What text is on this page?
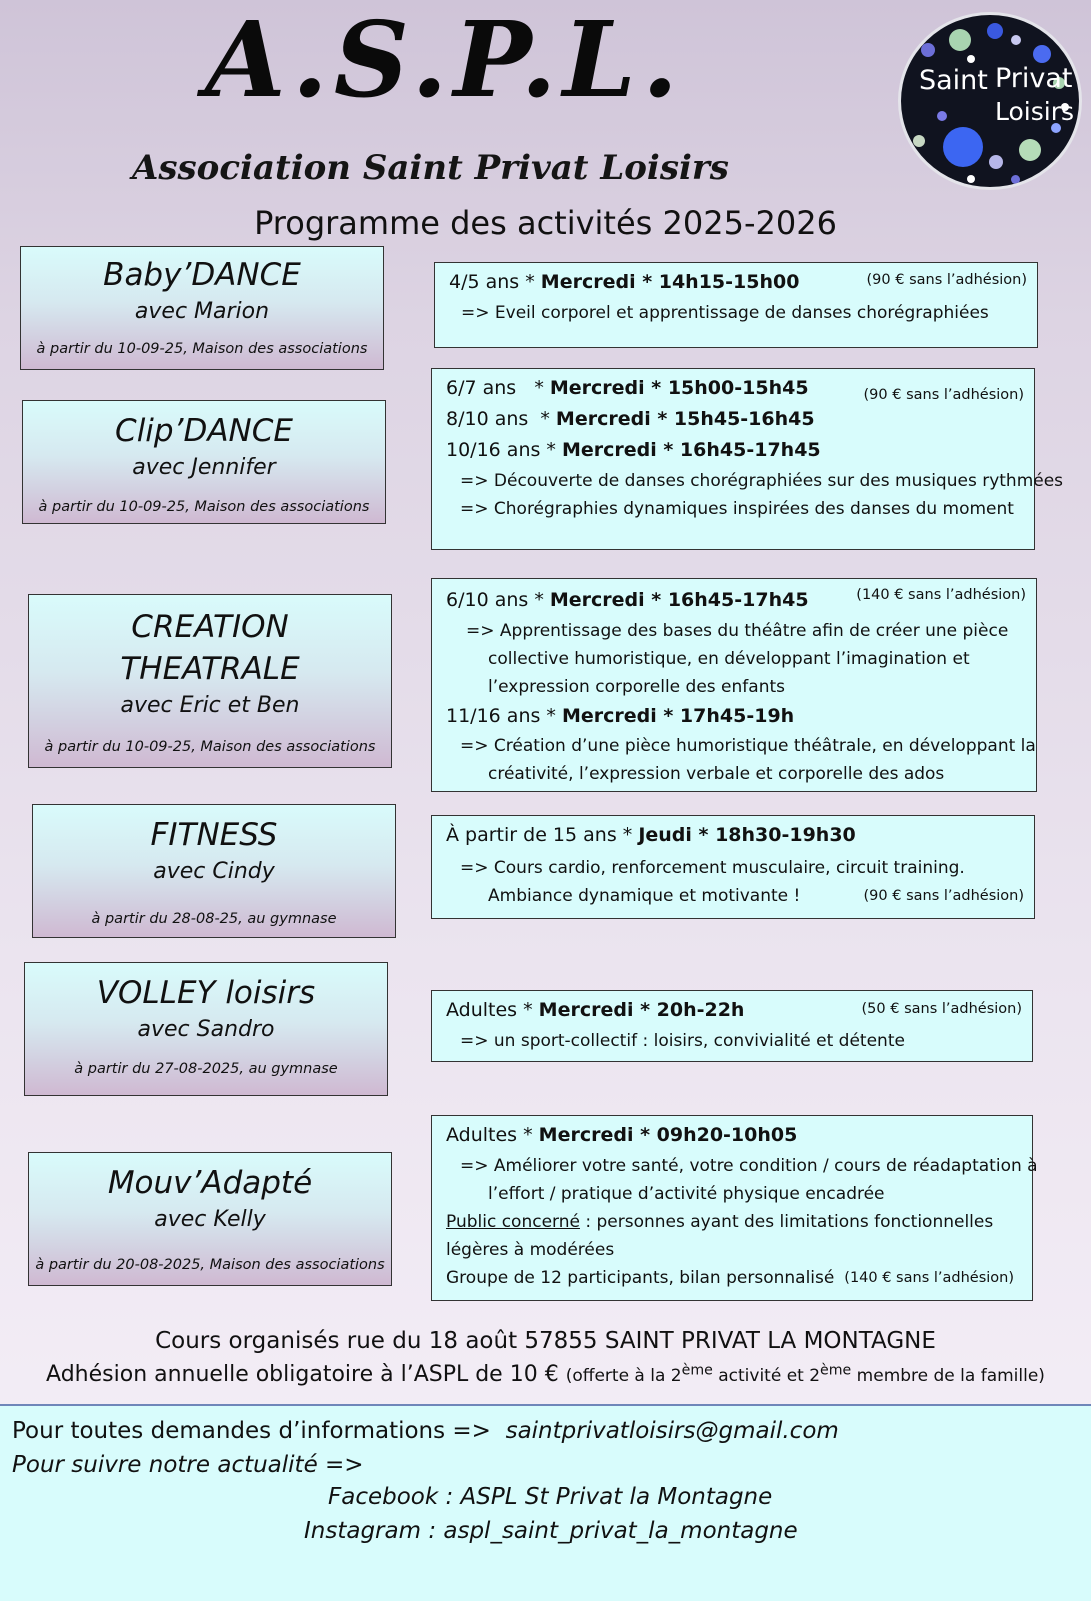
A.S.P.L.
Association Saint Privat Loisirs
Programme des activités 2025-2026
Saint Privat
Loisirs
Baby’DANCE
avec Marion
à partir du 10-09-25, Maison des associations
4/5 ans * Mercredi * 14h15-15h00	(90 € sans l’adhésion)
=> Eveil corporel et apprentissage de danses chorégraphiées
Clip’DANCE
avec Jennifer
à partir du 10-09-25, Maison des associations
6/7 ans   * Mercredi * 15h00-15h45	(90 € sans l’adhésion)
8/10 ans  * Mercredi * 15h45-16h45
10/16 ans * Mercredi * 16h45-17h45
=> Découverte de danses chorégraphiées sur des musiques rythmées
=> Chorégraphies dynamiques inspirées des danses du moment
CREATION
THEATRALE
avec Eric et Ben
à partir du 10-09-25, Maison des associations
6/10 ans * Mercredi * 16h45-17h45	(140 € sans l’adhésion)
=> Apprentissage des bases du théâtre afin de créer une pièce
collective humoristique, en développant l’imagination et
l’expression corporelle des enfants
11/16 ans * Mercredi * 17h45-19h
=> Création d’une pièce humoristique théâtrale, en développant la
créativité, l’expression verbale et corporelle des ados
FITNESS
avec Cindy
à partir du 28-08-25, au gymnase
À partir de 15 ans * Jeudi * 18h30-19h30
=> Cours cardio, renforcement musculaire, circuit training.
Ambiance dynamique et motivante !	(90 € sans l’adhésion)
VOLLEY loisirs
avec Sandro
à partir du 27-08-2025, au gymnase
Adultes * Mercredi * 20h-22h	(50 € sans l’adhésion)
=> un sport-collectif : loisirs, convivialité et détente
Mouv’Adapté
avec Kelly
à partir du 20-08-2025, Maison des associations
Adultes * Mercredi * 09h20-10h05
=> Améliorer votre santé, votre condition / cours de réadaptation à
l’effort / pratique d’activité physique encadrée
Public concerné : personnes ayant des limitations fonctionnelles
légères à modérées
Groupe de 12 participants, bilan personnalisé (140 € sans l’adhésion)
Cours organisés rue du 18 août 57855 SAINT PRIVAT LA MONTAGNE
Adhésion annuelle obligatoire à l’ASPL de 10 € (offerte à la 2ème activité et 2ème membre de la famille)
Pour toutes demandes d’informations => saintprivatloisirs@gmail.com
Pour suivre notre actualité =>
Facebook : ASPL St Privat la Montagne
Instagram : aspl_saint_privat_la_montagne
